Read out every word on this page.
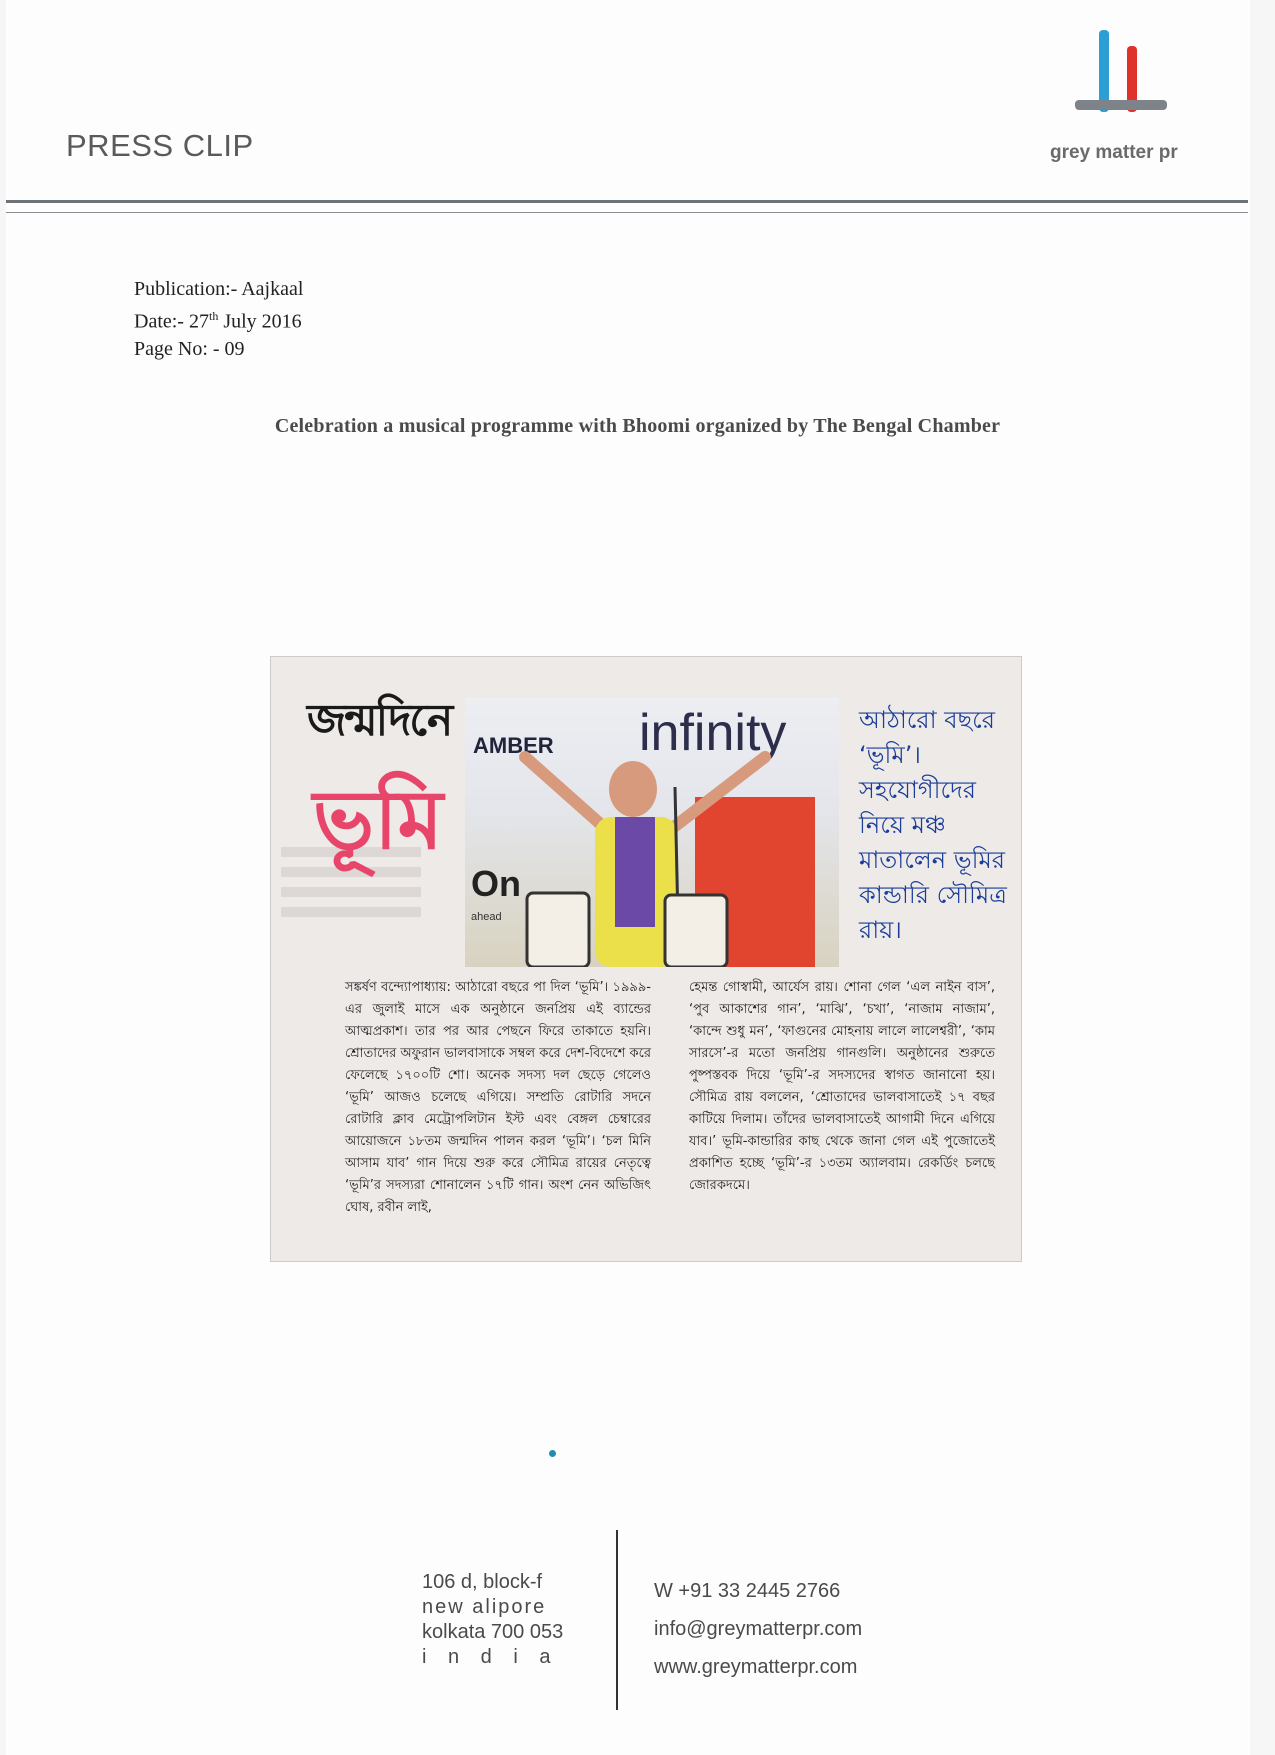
PRESS CLIP	grey matter pr
Publication:- Aajkaal
Date:- 27th July 2016
Page No: - 09
Celebration a musical programme with Bhoomi organized by The Bengal Chamber
জন্মদিনে
ভূমি
AMBER infinity
On
ahead
আঠারো বছরে ‘ভূমি’। সহযোগীদের নিয়ে মঞ্চ মাতালেন ভূমির কান্ডারি সৌমিত্র রায়।
সঙ্কর্ষণ বন্দ্যোপাধ্যায়: আঠারো বছরে পা দিল ‘ভূমি’। ১৯৯৯-এর জুলাই মাসে এক অনুষ্ঠানে জনপ্রিয় এই ব্যান্ডের আত্মপ্রকাশ। তার পর আর পেছনে ফিরে তাকাতে হয়নি। শ্রোতাদের অফুরান ভালবাসাকে সম্বল করে দেশ-বিদেশে করে ফেলেছে ১৭০০টি শো। অনেক সদস্য দল ছেড়ে গেলেও ‘ভূমি’ আজও চলেছে এগিয়ে। সম্প্রতি রোটারি সদনে রোটারি ক্লাব মেট্রোপলিটান ইস্ট এবং বেঙ্গল চেম্বারের আয়োজনে ১৮তম জন্মদিন পালন করল ‘ভূমি’। ‘চল মিনি আসাম যাব’ গান দিয়ে শুরু করে সৌমিত্র রায়ের নেতৃত্বে ‘ভূমি’র সদস্যরা শোনালেন ১৭টি গান। অংশ নেন অভিজিৎ ঘোষ, রবীন লাই,
হেমন্ত গোস্বামী, আর্যেস রায়। শোনা গেল ‘এল নাইন বাস’, ‘পুব আকাশের গান’, ‘মাঝি’, ‘চখা’, ‘নাজাম নাজাম’, ‘কান্দে শুধু মন’, ‘ফাগুনের মোহনায় লালে লালেশ্বরী’, ‘কাম সারসে’-র মতো জনপ্রিয় গানগুলি। অনুষ্ঠানের শুরুতে পুষ্পস্তবক দিয়ে ‘ভূমি’-র সদস্যদের স্বাগত জানানো হয়। সৌমিত্র রায় বললেন, ‘শ্রোতাদের ভালবাসাতেই ১৭ বছর কাটিয়ে দিলাম। তাঁদের ভালবাসাতেই আগামী দিনে এগিয়ে যাব।’ ভূমি-কান্ডারির কাছ থেকে জানা গেল এই পুজোতেই প্রকাশিত হচ্ছে ‘ভূমি’-র ১৩তম অ্যালবাম। রেকর্ডিং চলছে জোরকদমে।
106 d, block-f
new alipore
kolkata 700 053
i n d i a
W +91 33 2445 2766
info@greymatterpr.com
www.greymatterpr.com
